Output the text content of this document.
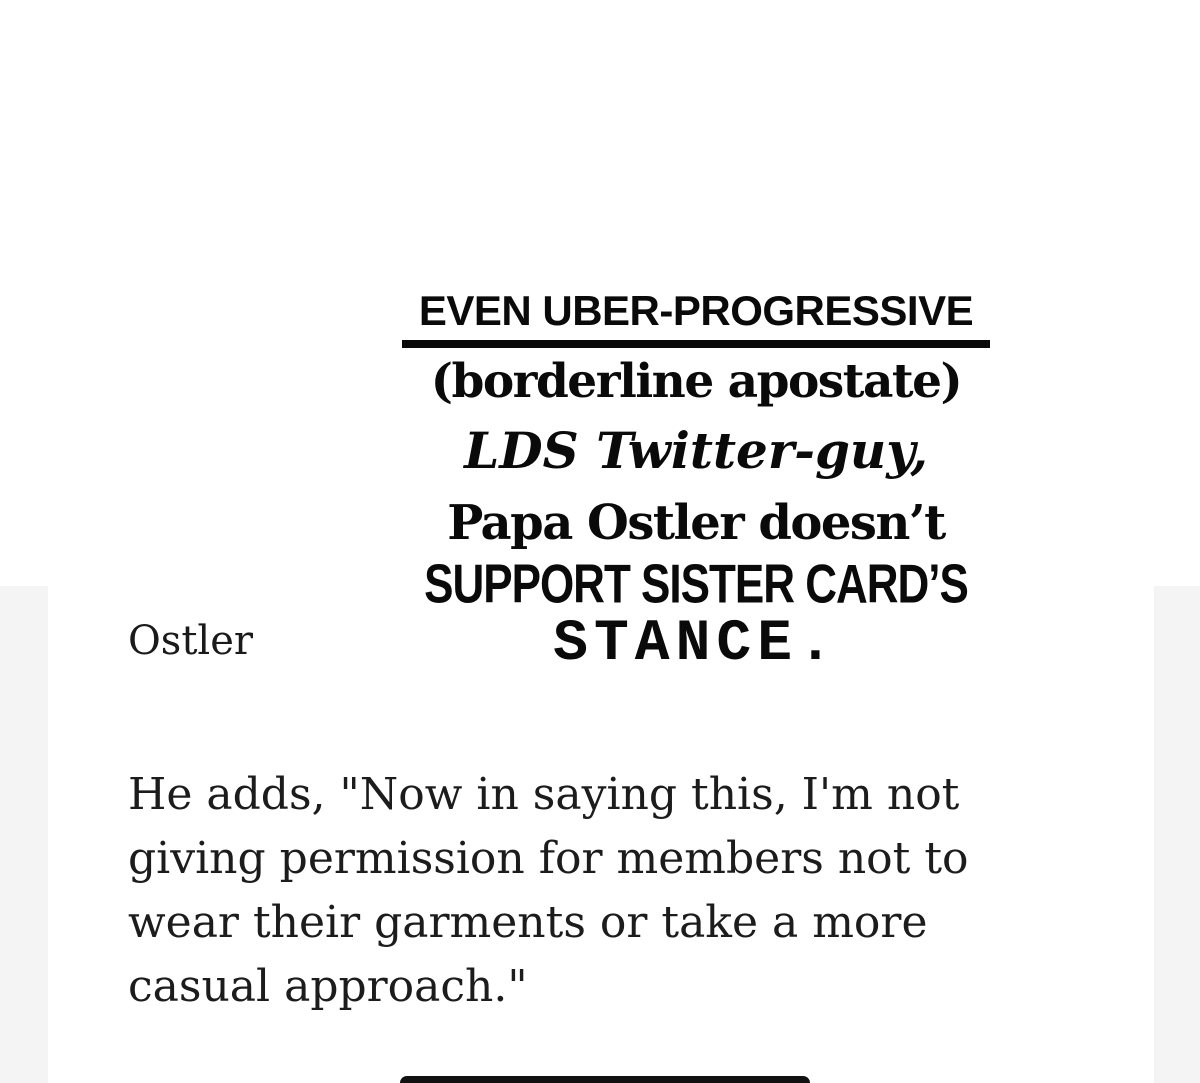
Ostler
He adds, "Now in saying this, I'm not
giving permission for members not to
wear their garments or take a more
casual approach."
EVEN UBER-PROGRESSIVE
(borderline apostate)
LDS Twitter-guy,
Papa Ostler doesn’t
SUPPORT SISTER CARD’S
STANCE.
